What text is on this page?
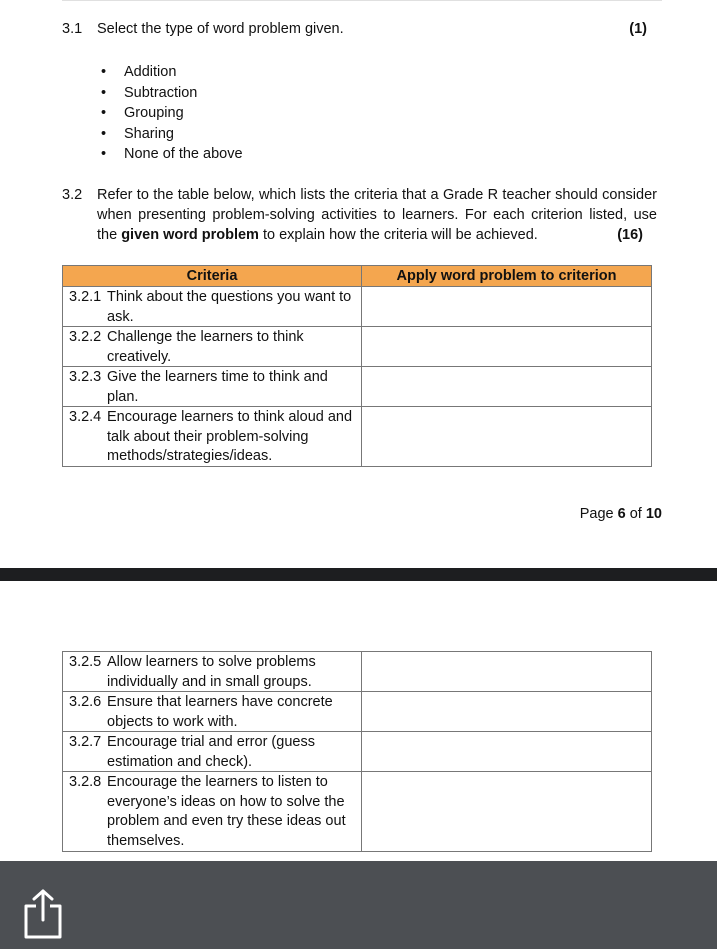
3.1 Select the type of word problem given.	(1)
• Addition
• Subtraction
• Grouping
• Sharing
• None of the above
3.2 Refer to the table below, which lists the criteria that a Grade R teacher should consider
when presenting problem-solving activities to learners. For each criterion listed, use
the given word problem to explain how the criteria will be achieved.	(16)
Criteria	Apply word problem to criterion

3.2.1 Think about the questions you want to ask.	

3.2.2 Challenge the learners to think creatively.	

3.2.3 Give the learners time to think and plan.	

3.2.4 Encourage learners to think aloud and talk about their problem-solving methods/strategies/ideas.	

Page 6 of 10
3.2.5 Allow learners to solve problems individually and in small groups.	

3.2.6 Ensure that learners have concrete objects to work with.	

3.2.7 Encourage trial and error (guess estimation and check).	

3.2.8 Encourage the learners to listen to everyone’s ideas on how to solve the problem and even try these ideas out themselves.	
